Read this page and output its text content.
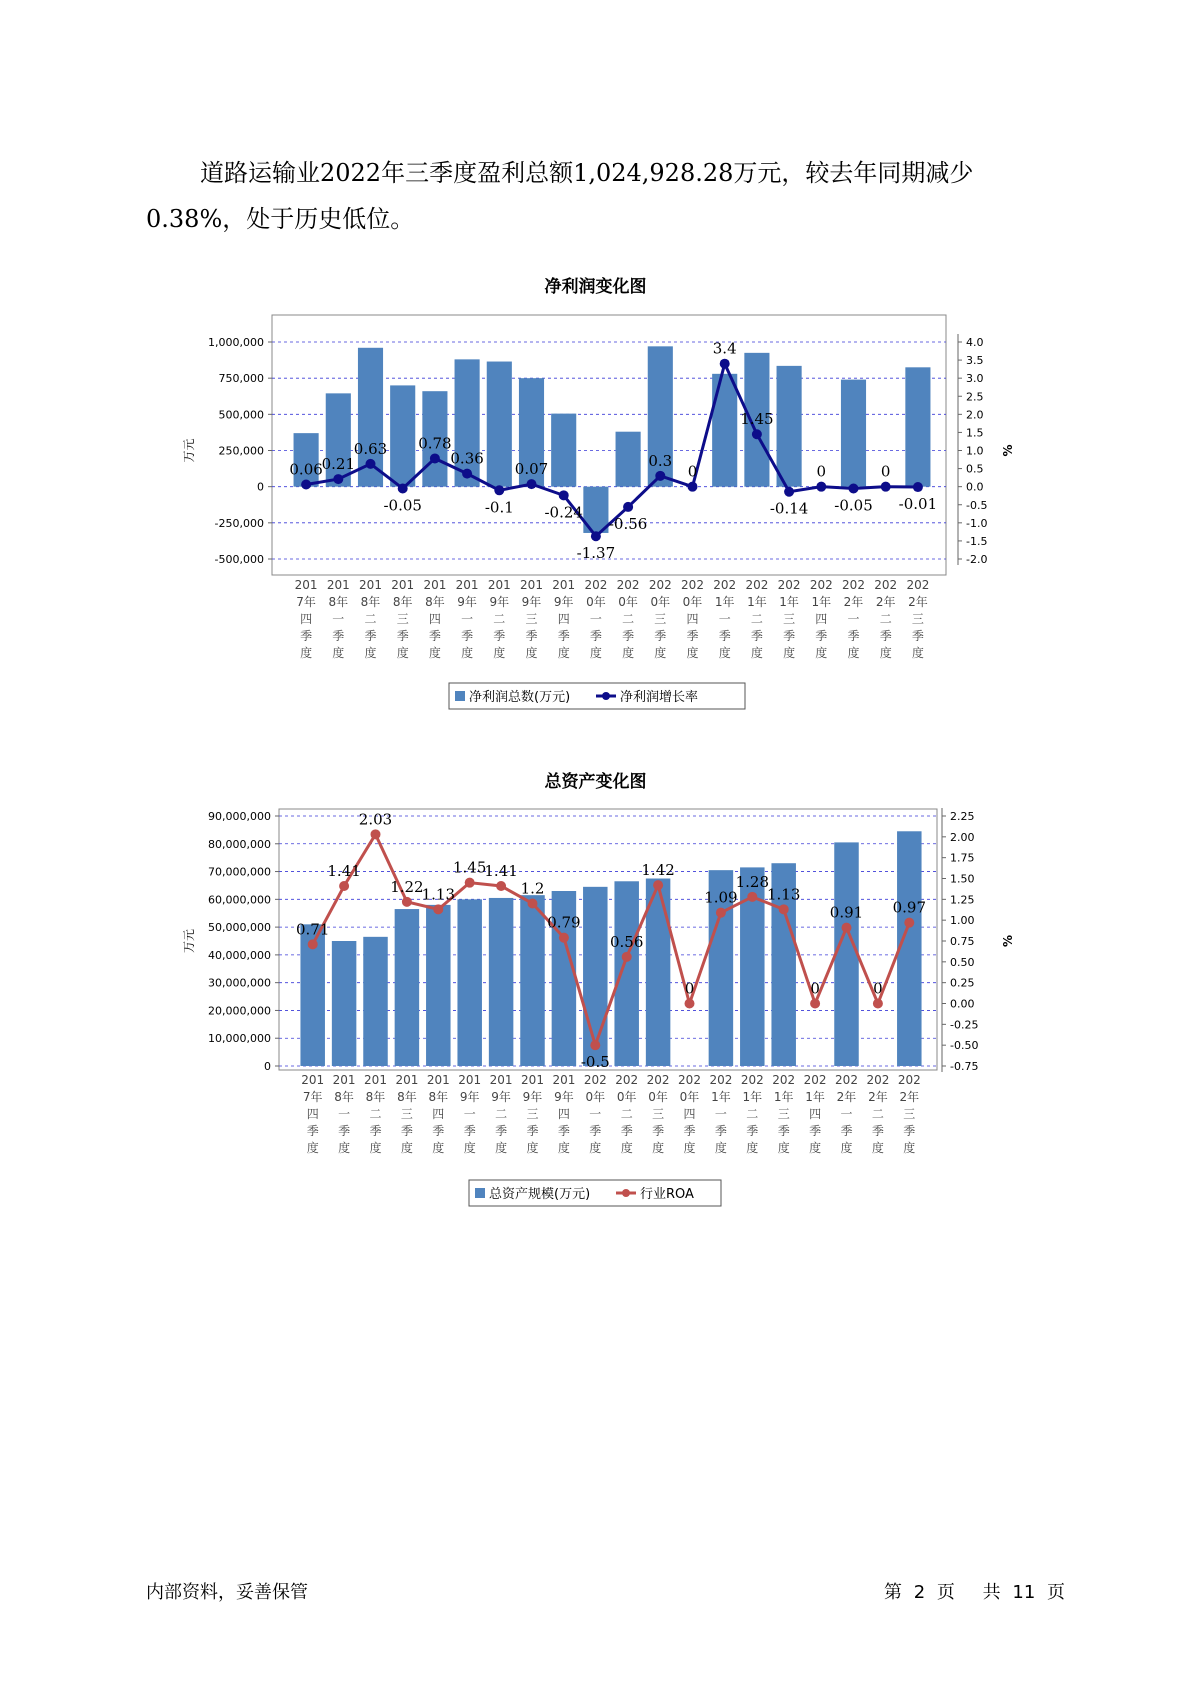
道路运输业2022年三季度盈利总额1,024,928.28万元，较去年同期减少0.38%，处于历史低位。

净利润变化图
-500,000
-250,000
0
250,000
500,000
750,000
1,000,000
-2.0
-1.5
-1.0
-0.5
0.0
0.5
1.0
1.5
2.0
2.5
3.0
3.5
4.0
万元	%
0.06
0.21
0.63
-0.05
0.78
0.36
-0.1
0.07
-0.24
-1.37
-0.56
0.3
0
3.4
1.45
-0.14
0
-0.05
0
-0.01
201
7年
四
季
度
201
8年
一
季
度
201
8年
二
季
度
201
8年
三
季
度
201
8年
四
季
度
201
9年
一
季
度
201
9年
二
季
度
201
9年
三
季
度
201
9年
四
季
度
202
0年
一
季
度
202
0年
二
季
度
202
0年
三
季
度
202
0年
四
季
度
202
1年
一
季
度
202
1年
二
季
度
202
1年
三
季
度
202
1年
四
季
度
202
2年
一
季
度
202
2年
二
季
度
202
2年
三
季
度
净利润总数(万元)	净利润增长率
总资产变化图
0
10,000,000
20,000,000
30,000,000
40,000,000
50,000,000
60,000,000
70,000,000
80,000,000
90,000,000
-0.75
-0.50
-0.25
0.00
0.25
0.50
0.75
1.00
1.25
1.50
1.75
2.00
2.25
万元	%
0.71
1.41
2.03
1.22
1.13
1.45
1.41
1.2
0.79
-0.5
0.56
1.42
0
1.09
1.28
1.13
0
0.91
0
0.97
201
7年
四
季
度
201
8年
一
季
度
201
8年
二
季
度
201
8年
三
季
度
201
8年
四
季
度
201
9年
一
季
度
201
9年
二
季
度
201
9年
三
季
度
201
9年
四
季
度
202
0年
一
季
度
202
0年
二
季
度
202
0年
三
季
度
202
0年
四
季
度
202
1年
一
季
度
202
1年
二
季
度
202
1年
三
季
度
202
1年
四
季
度
202
2年
一
季
度
202
2年
二
季
度
202
2年
三
季
度
总资产规模(万元)	行业ROA
内部资料，妥善保管	第 2 页 共 11 页
